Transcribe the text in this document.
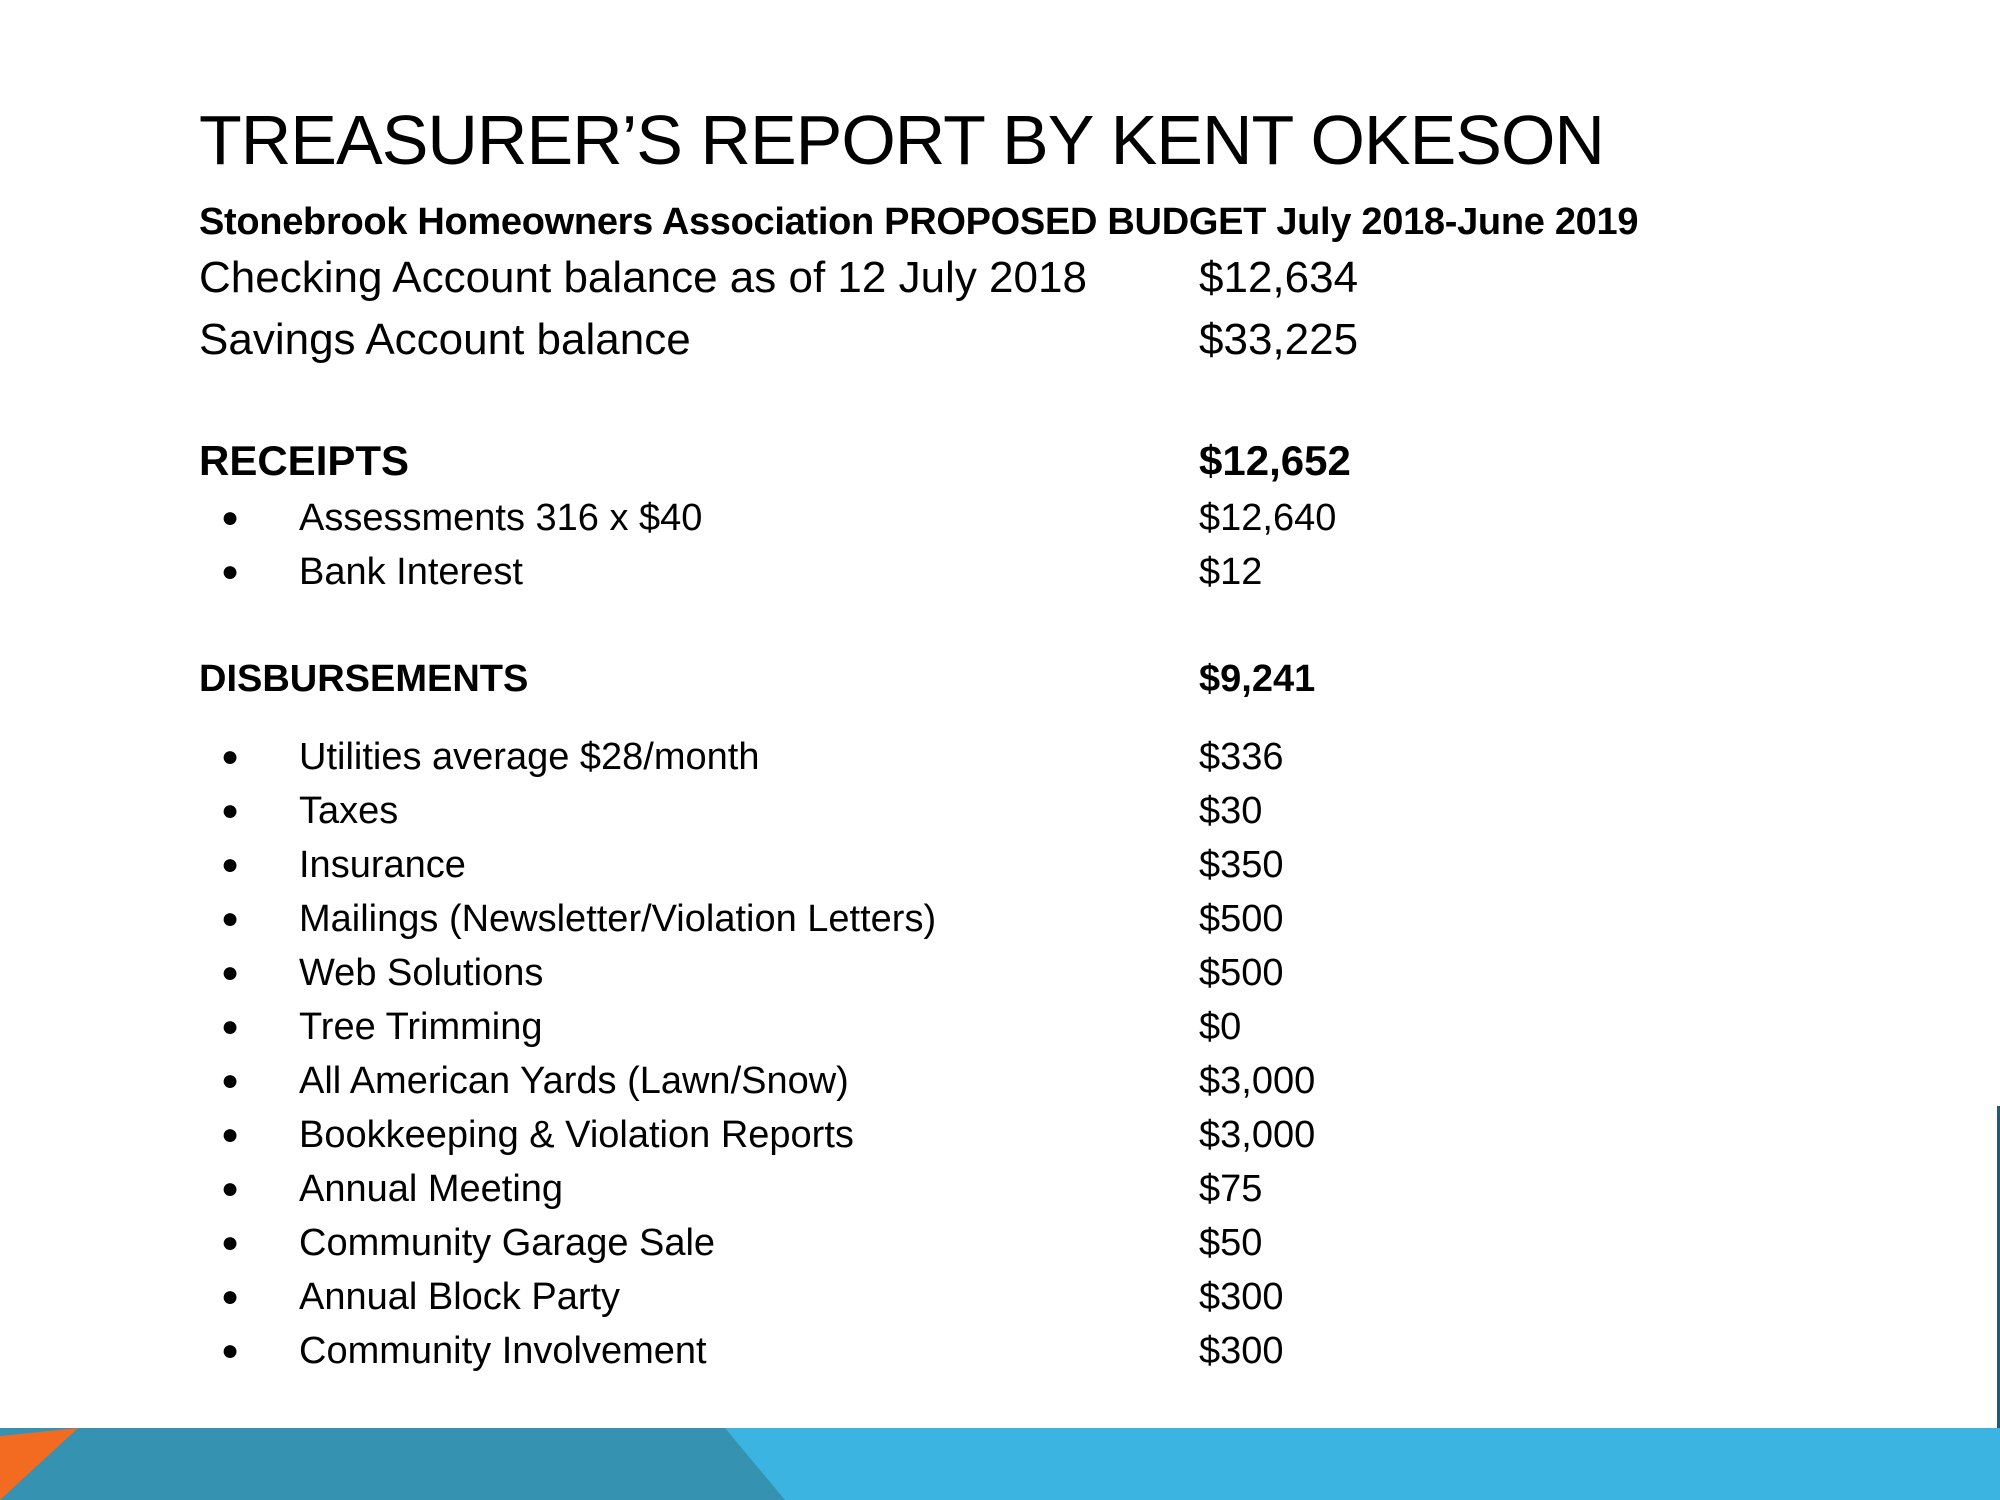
TREASURER’S REPORT BY KENT OKESON
Stonebrook Homeowners Association PROPOSED BUDGET July 2018-June 2019
Checking Account balance as of 12 July 2018	$12,634
Savings Account balance	$33,225
RECEIPTS	$12,652
● Assessments 316 x $40	$12,640
● Bank Interest	$12
DISBURSEMENTS	$9,241
● Utilities average $28/month	$336
● Taxes	$30
● Insurance	$350
● Mailings (Newsletter/Violation Letters)	$500
● Web Solutions	$500
● Tree Trimming	$0
● All American Yards (Lawn/Snow)	$3,000
● Bookkeeping & Violation Reports	$3,000
● Annual Meeting	$75
● Community Garage Sale	$50
● Annual Block Party	$300
● Community Involvement	$300
